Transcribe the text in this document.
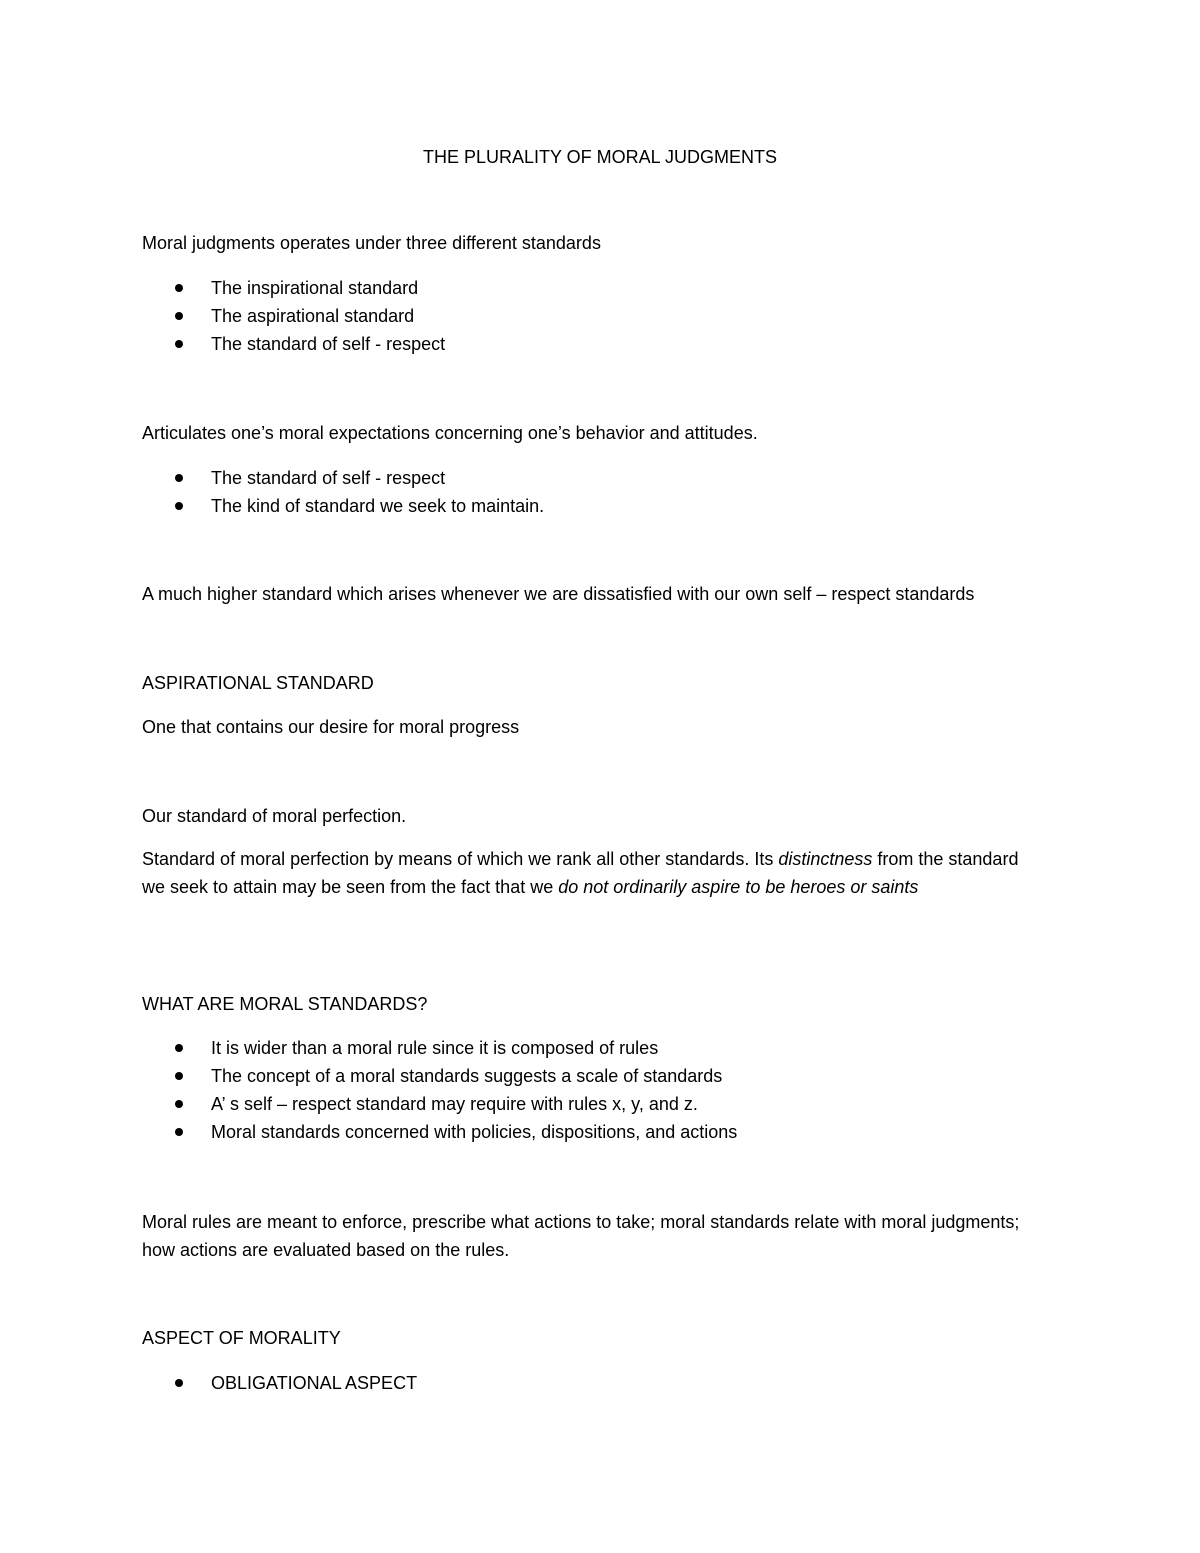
THE PLURALITY OF MORAL JUDGMENTS
Moral judgments operates under three different standards
The inspirational standard
The aspirational standard
The standard of self - respect
Articulates one’s moral expectations concerning one’s behavior and attitudes.
The standard of self - respect
The kind of standard we seek to maintain.
A much higher standard which arises whenever we are dissatisfied with our own self – respect standards
ASPIRATIONAL STANDARD
One that contains our desire for moral progress
Our standard of moral perfection.
Standard of moral perfection by means of which we rank all other standards. Its distinctness from the standard we seek to attain may be seen from the fact that we do not ordinarily aspire to be heroes or saints
WHAT ARE MORAL STANDARDS?
It is wider than a moral rule since it is composed of rules
The concept of a moral standards suggests a scale of standards
A’ s self – respect standard may require with rules x, y, and z.
Moral standards concerned with policies, dispositions, and actions
Moral rules are meant to enforce, prescribe what actions to take; moral standards relate with moral judgments; how actions are evaluated based on the rules.
ASPECT OF MORALITY
OBLIGATIONAL ASPECT
